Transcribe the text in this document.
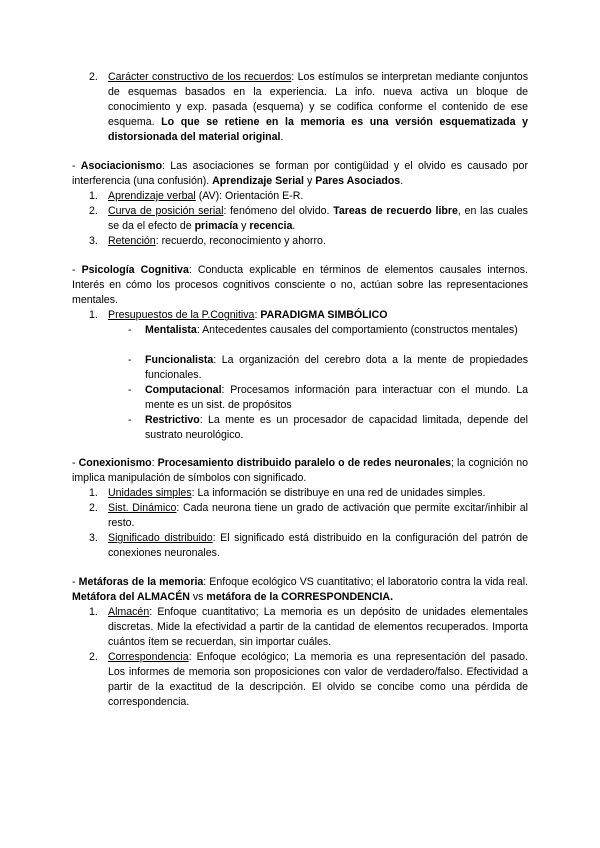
2. Carácter constructivo de los recuerdos: Los estímulos se interpretan mediante conjuntos de esquemas basados en la experiencia. La info. nueva activa un bloque de conocimiento y exp. pasada (esquema) y se codifica conforme el contenido de ese esquema. Lo que se retiene en la memoria es una versión esquematizada y distorsionada del material original.

- Asociacionismo: Las asociaciones se forman por contigüidad y el olvido es causado por interferencia (una confusión). Aprendizaje Serial y Pares Asociados.

1. Aprendizaje verbal (AV): Orientación E-R.

2. Curva de posición serial: fenómeno del olvido. Tareas de recuerdo libre, en las cuales se da el efecto de primacía y recencia.

3. Retención: recuerdo, reconocimiento y ahorro.

- Psicología Cognitiva: Conducta explicable en términos de elementos causales internos. Interés en cómo los procesos cognitivos consciente o no, actúan sobre las representaciones mentales.

1. Presupuestos de la P.Cognitiva: PARADIGMA SIMBÓLICO

-	Mentalista: Antecedentes causales del comportamiento (constructos mentales)

-	Funcionalista: La organización del cerebro dota a la mente de propiedades funcionales.

-	Computacional: Procesamos información para interactuar con el mundo. La mente es un sist. de propósitos

-	Restrictivo: La mente es un procesador de capacidad limitada, depende del sustrato neurológico.

- Conexionismo: Procesamiento distribuido paralelo o de redes neuronales; la cognición no implica manipulación de símbolos con significado.

1. Unidades simples: La información se distribuye en una red de unidades simples.

2. Sist. Dinámico: Cada neurona tiene un grado de activación que permite excitar/inhibir al resto.

3. Significado distribuido: El significado está distribuido en la configuración del patrón de conexiones neuronales.

- Metáforas de la memoria: Enfoque ecológico VS cuantitativo; el laboratorio contra la vida real. Metáfora del ALMACÉN vs metáfora de la CORRESPONDENCIA.

1. Almacén: Enfoque cuantitativo; La memoria es un depósito de unidades elementales discretas. Mide la efectividad a partir de la cantidad de elementos recuperados. Importa cuántos ítem se recuerdan, sin importar cuáles.

2. Correspondencia: Enfoque ecológico; La memoria es una representación del pasado. Los informes de memoria son proposiciones con valor de verdadero/falso. Efectividad a partir de la exactitud de la descripción. El olvido se concibe como una pérdida de correspondencia.
